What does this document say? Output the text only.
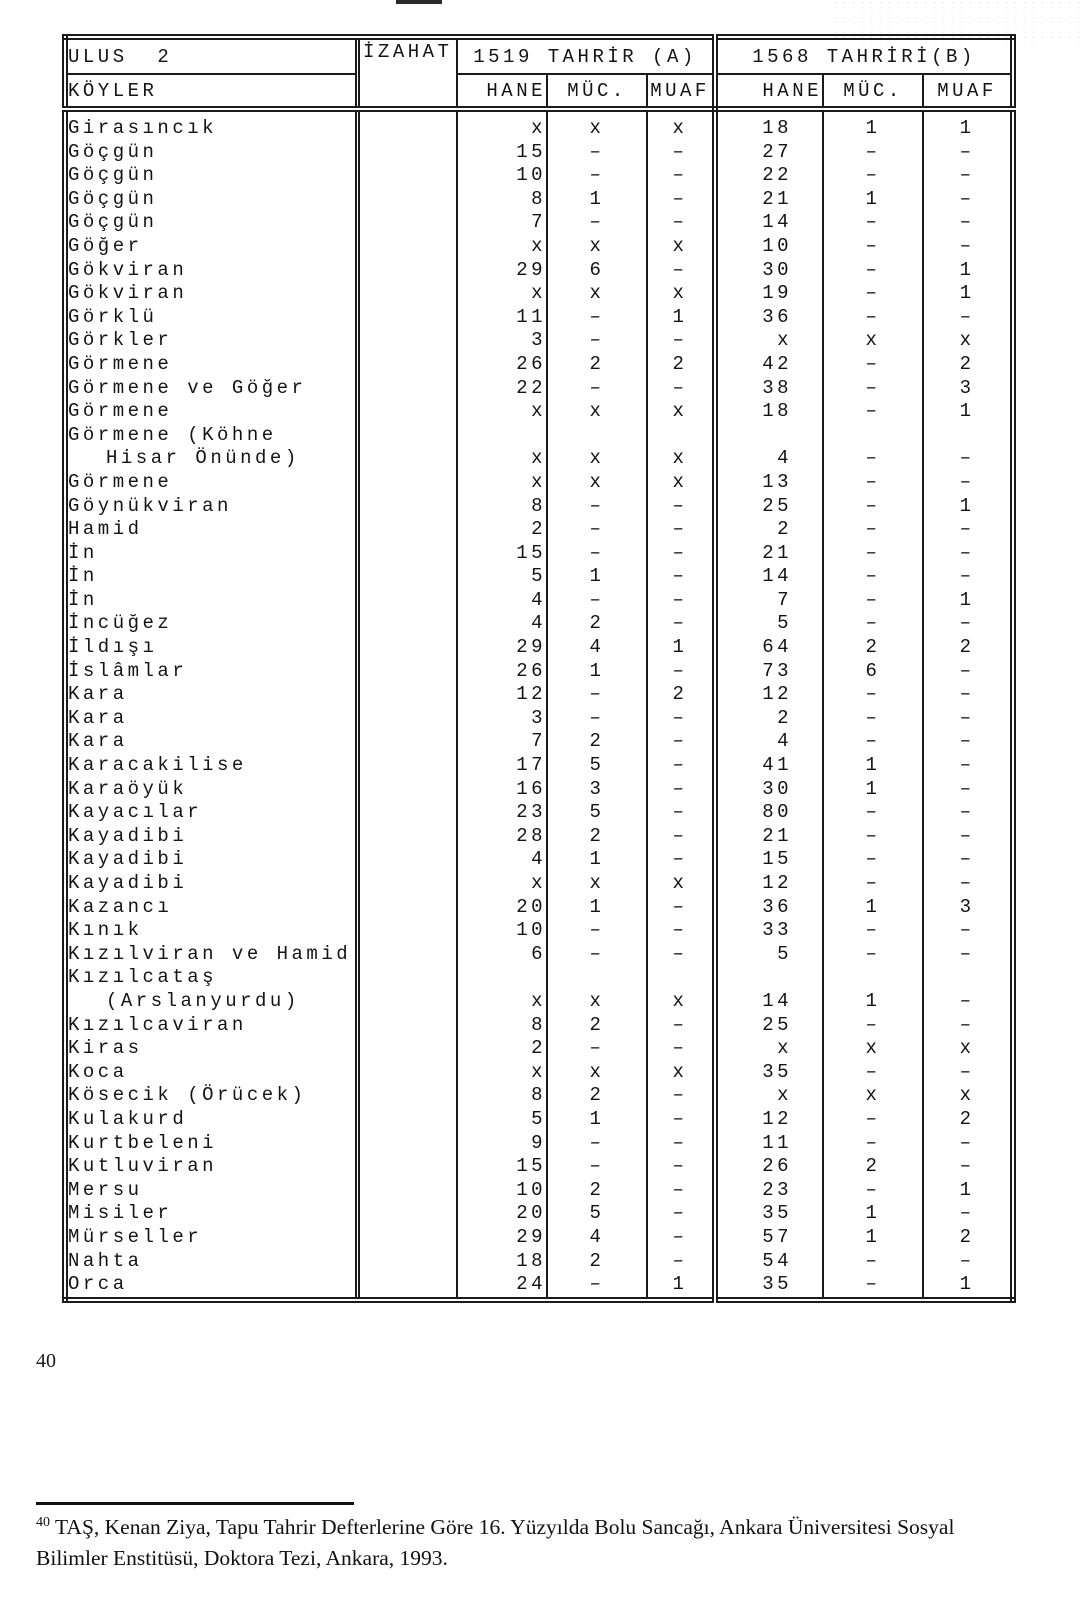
ULUS  2	İZAHAT	1519 TAHRİR (A)			1568 TAHRİRİ(B)		
KÖYLER		HANE	MÜC.	MUAF	HANE	MÜC.	MUAF
Girasıncık		x	x	x	18	1	1
Göçgün		15	–	–	27	–	–
Göçgün		10	–	–	22	–	–
Göçgün		8	1	–	21	1	–
Göçgün		7	–	–	14	–	–
Göğer		x	x	x	10	–	–
Gökviran		29	6	–	30	–	1
Gökviran		x	x	x	19	–	1
Görklü		11	–	1	36	–	–
Görkler		3	–	–	x	x	x
Görmene		26	2	2	42	–	2
Görmene ve Göğer		22	–	–	38	–	3
Görmene		x	x	x	18	–	1
Görmene (Köhne
Hisar Önünde)		x	x	x	4	–	–
Görmene		x	x	x	13	–	–
Göynükviran		8	–	–	25	–	1
Hamid		2	–	–	2	–	–
İn		15	–	–	21	–	–
İn		5	1	–	14	–	–
İn		4	–	–	7	–	1
İncüğez		4	2	–	5	–	–
İldışı		29	4	1	64	2	2
İslâmlar		26	1	–	73	6	–
Kara		12	–	2	12	–	–
Kara		3	–	–	2	–	–
Kara		7	2	–	4	–	–
Karacakilise		17	5	–	41	1	–
Karaöyük		16	3	–	30	1	–
Kayacılar		23	5	–	80	–	–
Kayadibi		28	2	–	21	–	–
Kayadibi		4	1	–	15	–	–
Kayadibi		x	x	x	12	–	–
Kazancı		20	1	–	36	1	3
Kınık		10	–	–	33	–	–
Kızılviran ve Hamid		6	–	–	5	–	–
Kızılcataş
(Arslanyurdu)		x	x	x	14	1	–
Kızılcaviran		8	2	–	25	–	–
Kiras		2	–	–	x	x	x
Koca		x	x	x	35	–	–
Kösecik (Örücek)		8	2	–	x	x	x
Kulakurd		5	1	–	12	–	2
Kurtbeleni		9	–	–	11	–	–
Kutluviran		15	–	–	26	2	–
Mersu		10	2	–	23	–	1
Misiler		20	5	–	35	1	–
Mürseller		29	4	–	57	1	2
Nahta		18	2	–	54	–	–
Orca		24	–	1	35	–	1
40
$^{40}$ TAŞ, Kenan Ziya, Tapu Tahrir Defterlerine Göre 16. Yüzyılda Bolu Sancağı, Ankara Üniversitesi Sosyal Bilimler Enstitüsü, Doktora Tezi, Ankara, 1993.
